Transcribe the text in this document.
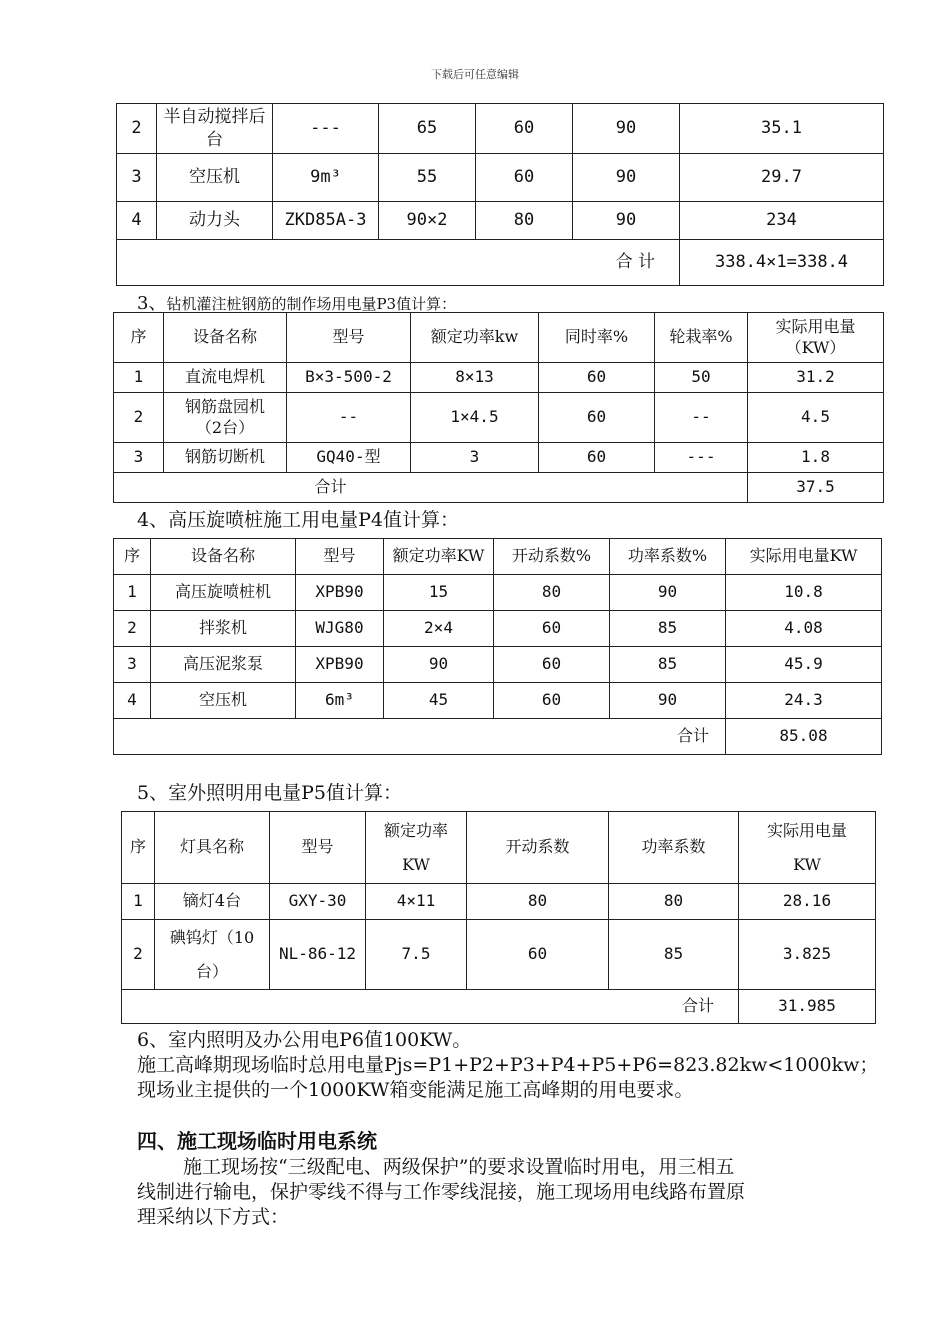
下载后可任意编辑
2	半自动搅拌后台	---	65	60	90	35.1
3	空压机	9m³	55	60	90	29.7
4	动力头	ZKD85A-3	90×2	80	90	234
合 计						338.4×1=338.4
3、钻机灌注桩钢筋的制作场用电量P3值计算：
序	设备名称	型号	额定功率kw	同时率%	轮栽率%	实际用电量（KW）
1	直流电焊机	B×3-500-2	8×13	60	50	31.2
2	钢筋盘园机（2台）	--	1×4.5	60	--	4.5
3	钢筋切断机	GQ40-型	3	60	---	1.8
合计						37.5
4、高压旋喷桩施工用电量P4值计算：
序	设备名称	型号	额定功率KW	开动系数%	功率系数%	实际用电量KW
1	高压旋喷桩机	XPB90	15	80	90	10.8
2	拌浆机	WJG80	2×4	60	85	4.08
3	高压泥浆泵	XPB90	90	60	85	45.9
4	空压机	6m³	45	60	90	24.3
合计						85.08
5、室外照明用电量P5值计算：
序	灯具名称	型号	额定功率KW	开动系数	功率系数	实际用电量KW
1	镝灯4台	GXY-30	4×11	80	80	28.16
2	碘钨灯（10台）	NL-86-12	7.5	60	85	3.825
合计						31.985
6、室内照明及办公用电P6值100KW。
施工高峰期现场临时总用电量Pjs=P1+P2+P3+P4+P5+P6=823.82kw<1000kw；
现场业主提供的一个1000KW箱变能满足施工高峰期的用电要求。
四、施工现场临时用电系统
施工现场按“三级配电、两级保护”的要求设置临时用电，用三相五
线制进行输电，保护零线不得与工作零线混接，施工现场用电线路布置原
理采纳以下方式：
